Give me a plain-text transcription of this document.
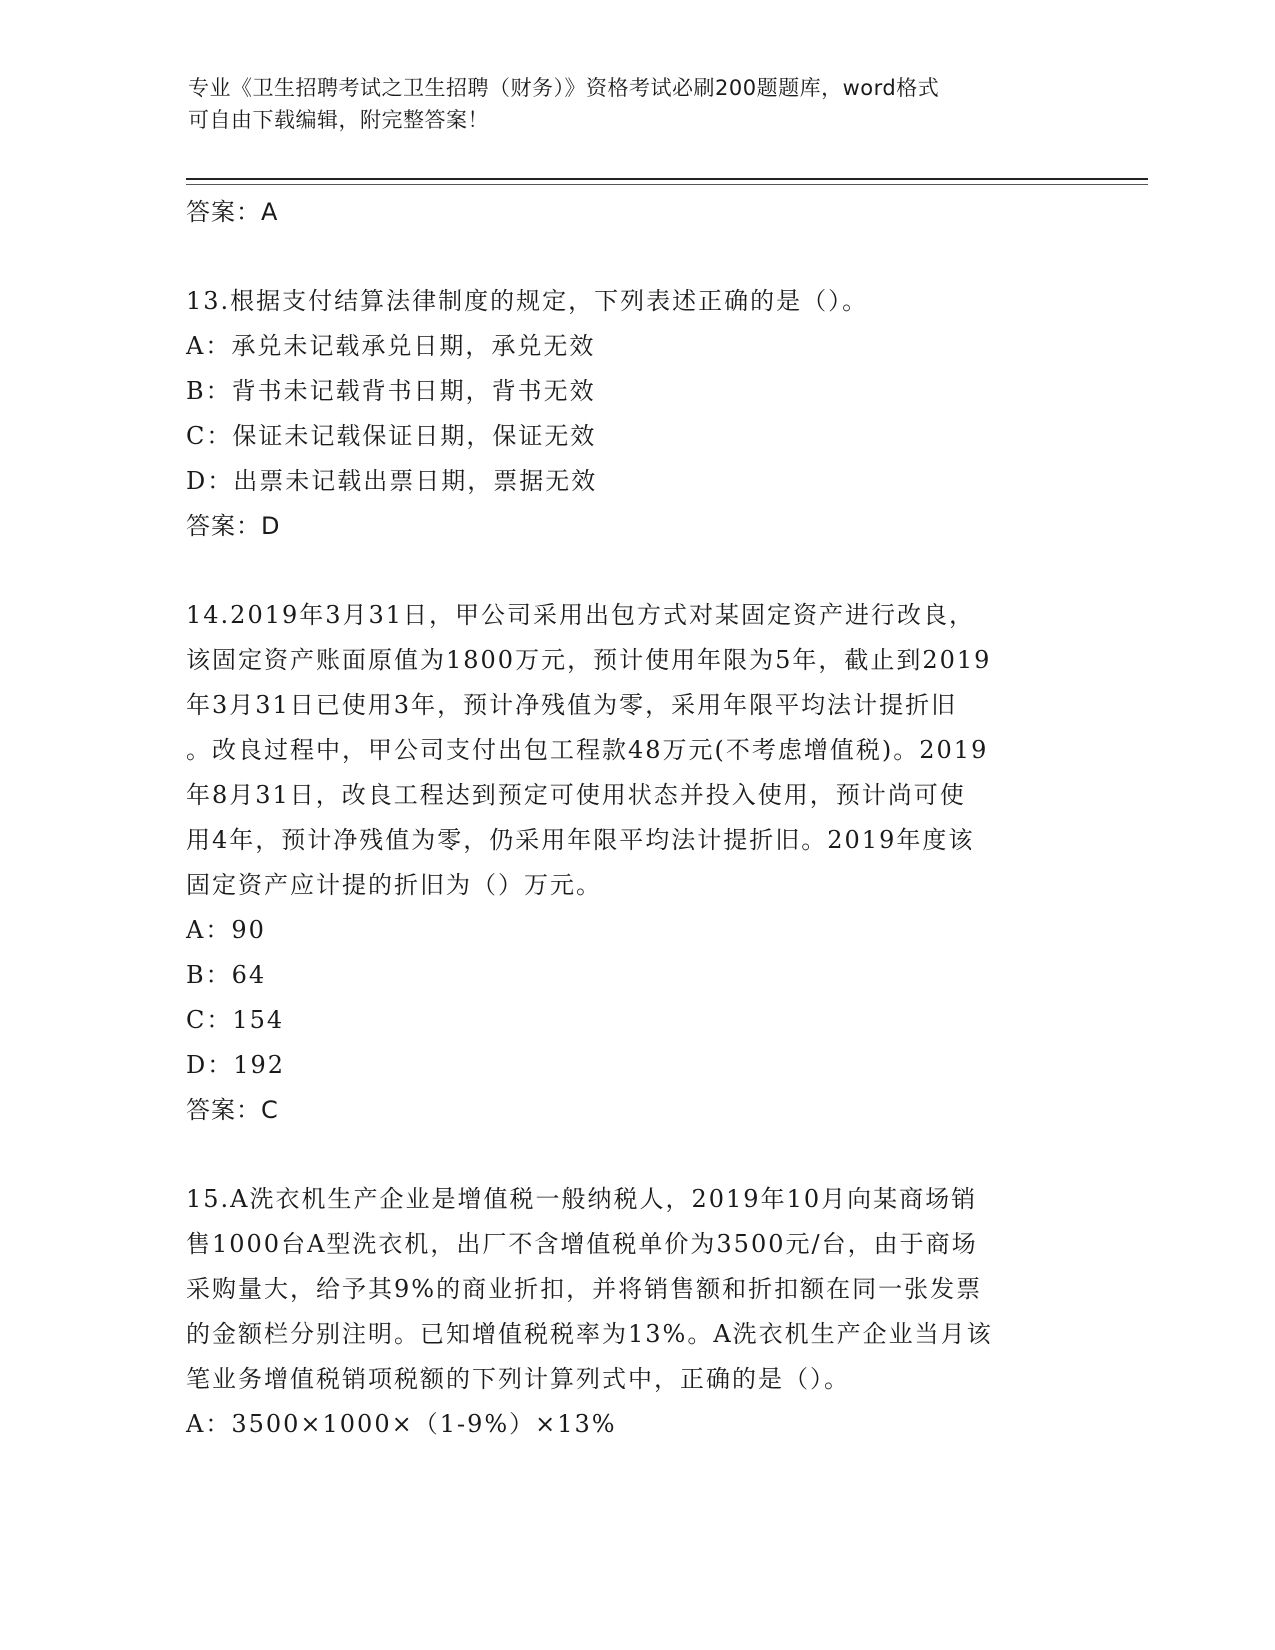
专业《卫生招聘考试之卫生招聘（财务）》资格考试必刷200题题库，word格式
可自由下载编辑，附完整答案！
答案：A
13.根据支付结算法律制度的规定，下列表述正确的是（）。
A：承兑未记载承兑日期，承兑无效
B：背书未记载背书日期，背书无效
C：保证未记载保证日期，保证无效
D：出票未记载出票日期，票据无效
答案：D
14.2019年3月31日，甲公司采用出包方式对某固定资产进行改良，
该固定资产账面原值为1800万元，预计使用年限为5年，截止到2019
年3月31日已使用3年，预计净残值为零，采用年限平均法计提折旧
。改良过程中，甲公司支付出包工程款48万元(不考虑增值税)。2019
年8月31日，改良工程达到预定可使用状态并投入使用，预计尚可使
用4年，预计净残值为零，仍采用年限平均法计提折旧。2019年度该
固定资产应计提的折旧为（）万元。
A：90
B：64
C：154
D：192
答案：C
15.A洗衣机生产企业是增值税一般纳税人，2019年10月向某商场销
售1000台A型洗衣机，出厂不含增值税单价为3500元/台，由于商场
采购量大，给予其9%的商业折扣，并将销售额和折扣额在同一张发票
的金额栏分别注明。已知增值税税率为13%。A洗衣机生产企业当月该
笔业务增值税销项税额的下列计算列式中，正确的是（）。
A：3500×1000×（1-9%）×13%
